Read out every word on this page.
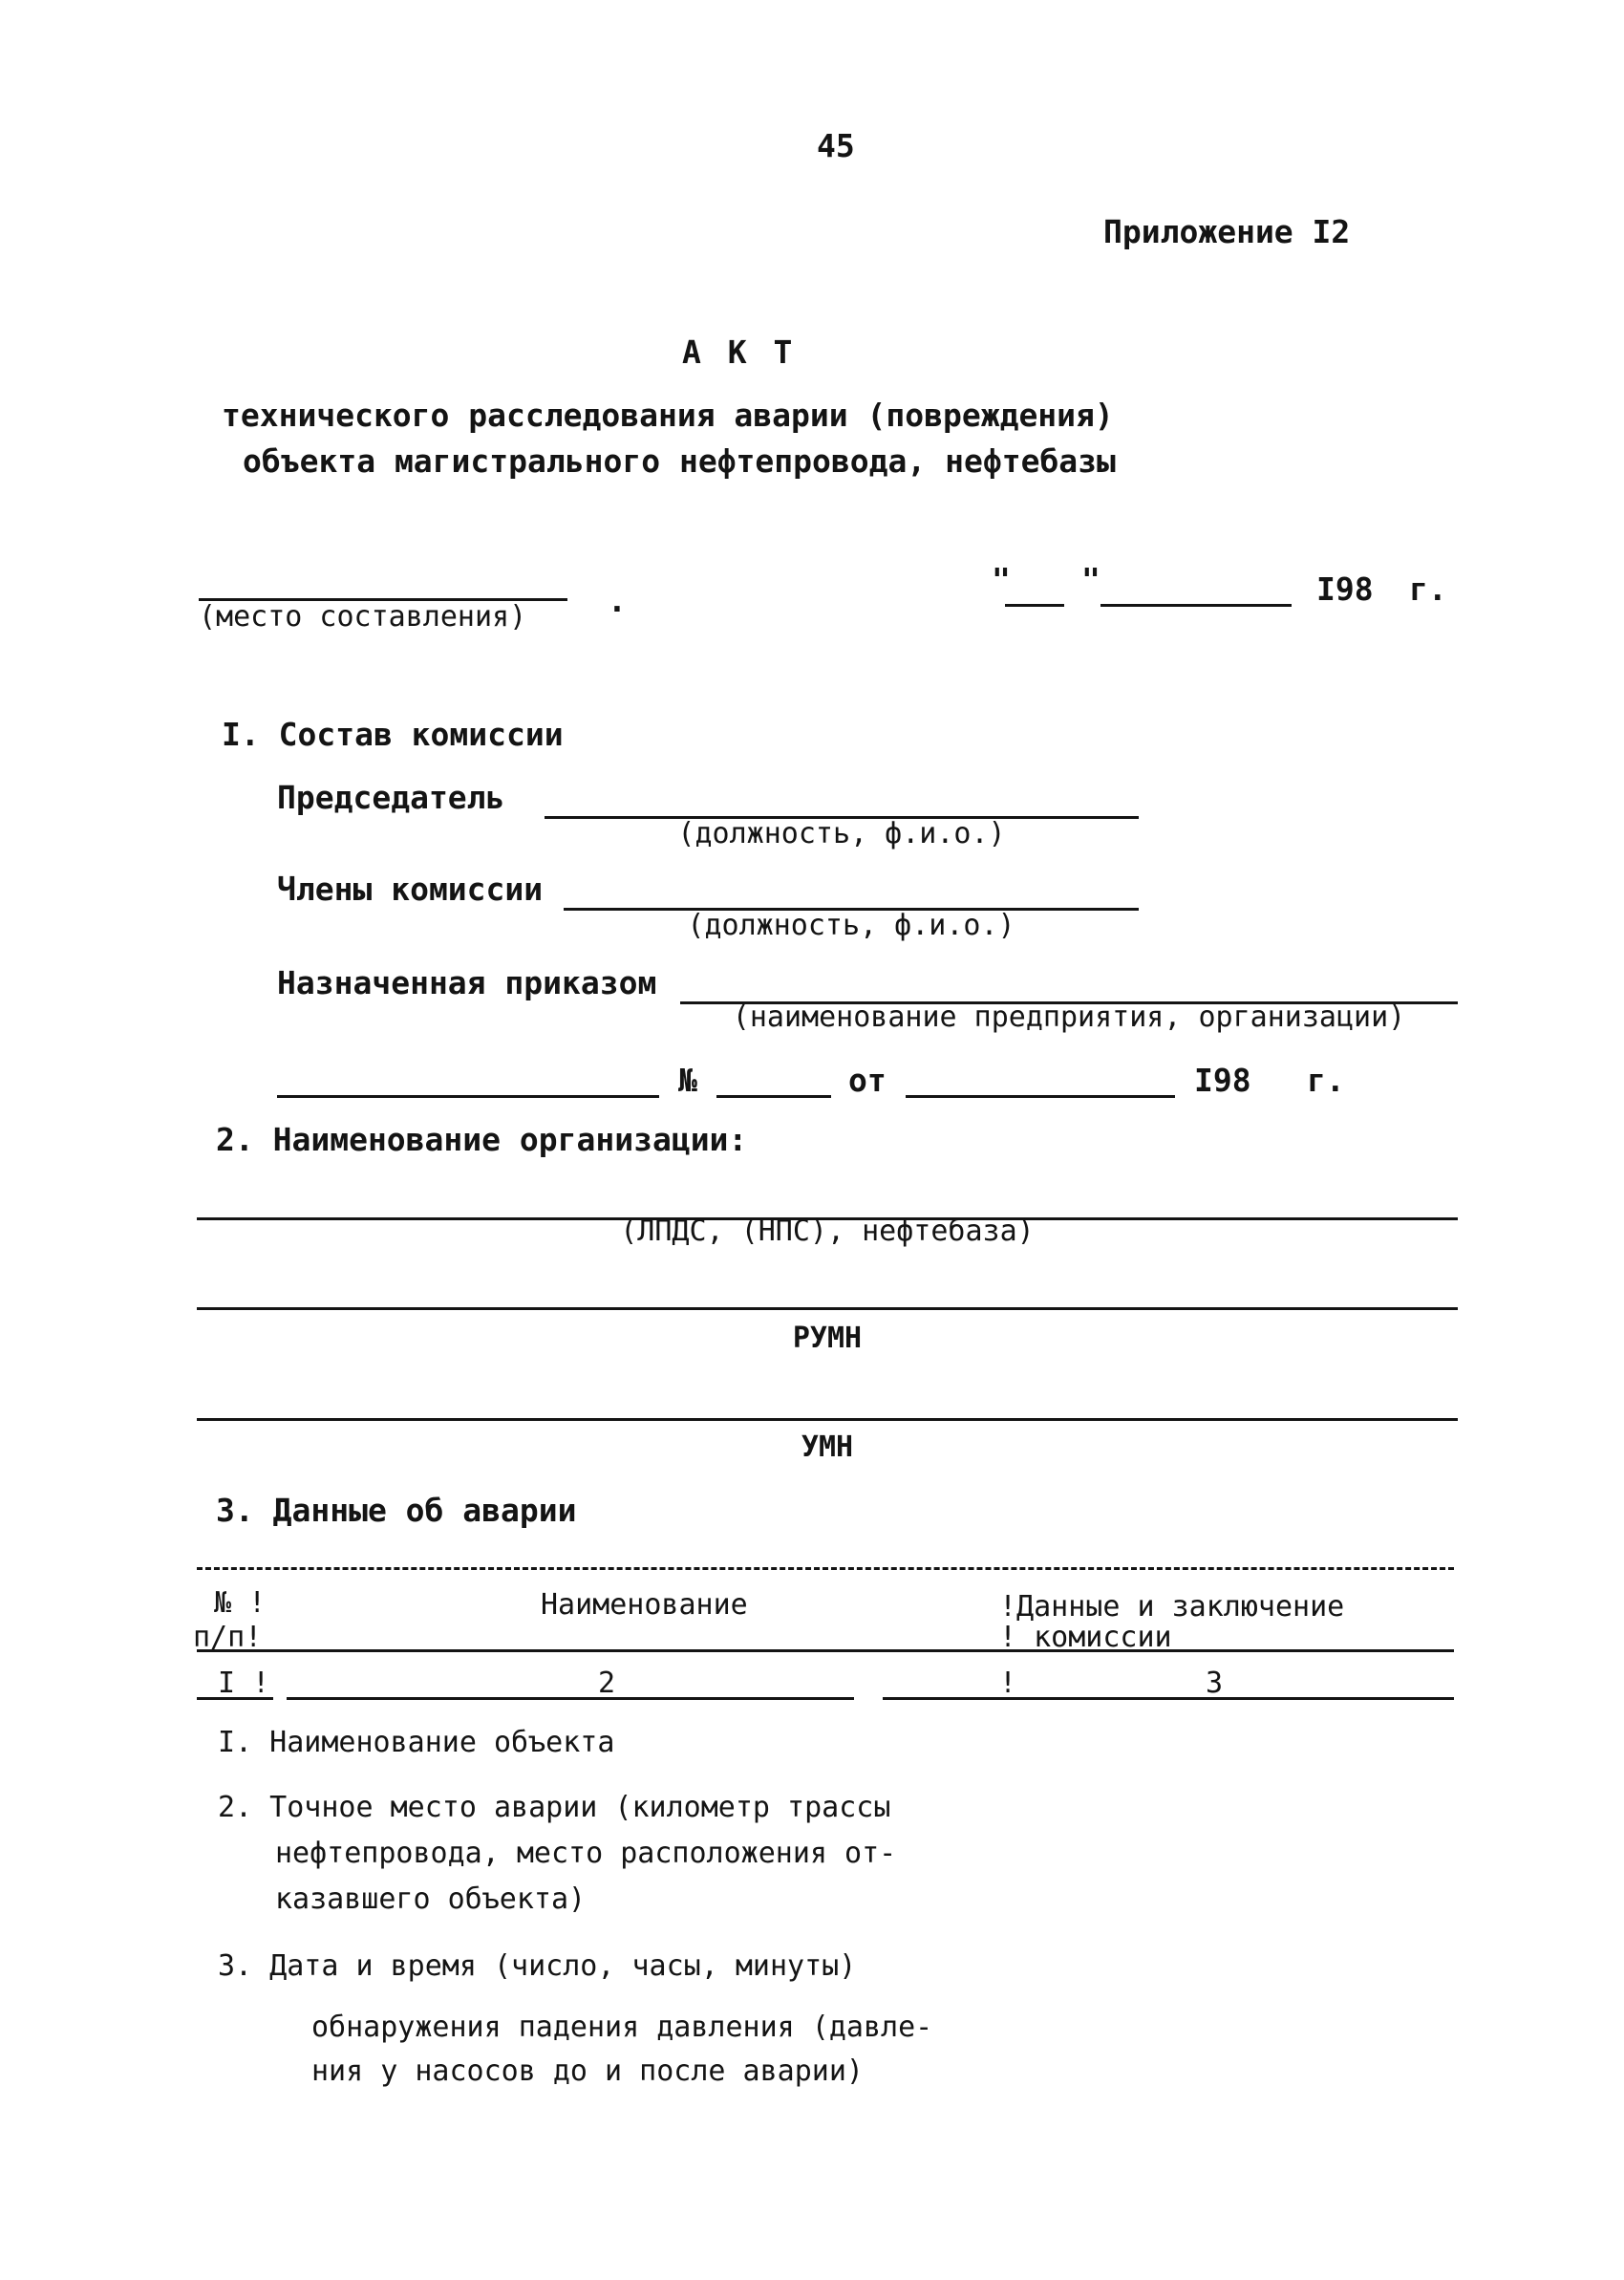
45
Приложение I2
А К Т
технического расследования аварии (повреждения)
объекта магистрального нефтепровода, нефтебазы
(место составления)	.
" "	I98 г.
I. Состав комиссии
Председатель
(должность, ф.и.о.)
Члены комиссии
(должность, ф.и.о.)
Назначенная приказом
(наименование предприятия, организации)
№	от	I98 г.
2. Наименование организации:
(ЛПДС, (НПС), нефтебаза)
РУМН
УМН
3. Данные об аварии
№ !
п/п!
Наименование	!Данные и заключение
! комиссии
I !	2	!	3
I. Наименование объекта
2. Точное место аварии (километр трассы
нефтепровода, место расположения от-
казавшего объекта)
3. Дата и время (число, часы, минуты)
обнаружения падения давления (давле-
ния у насосов до и после аварии)
